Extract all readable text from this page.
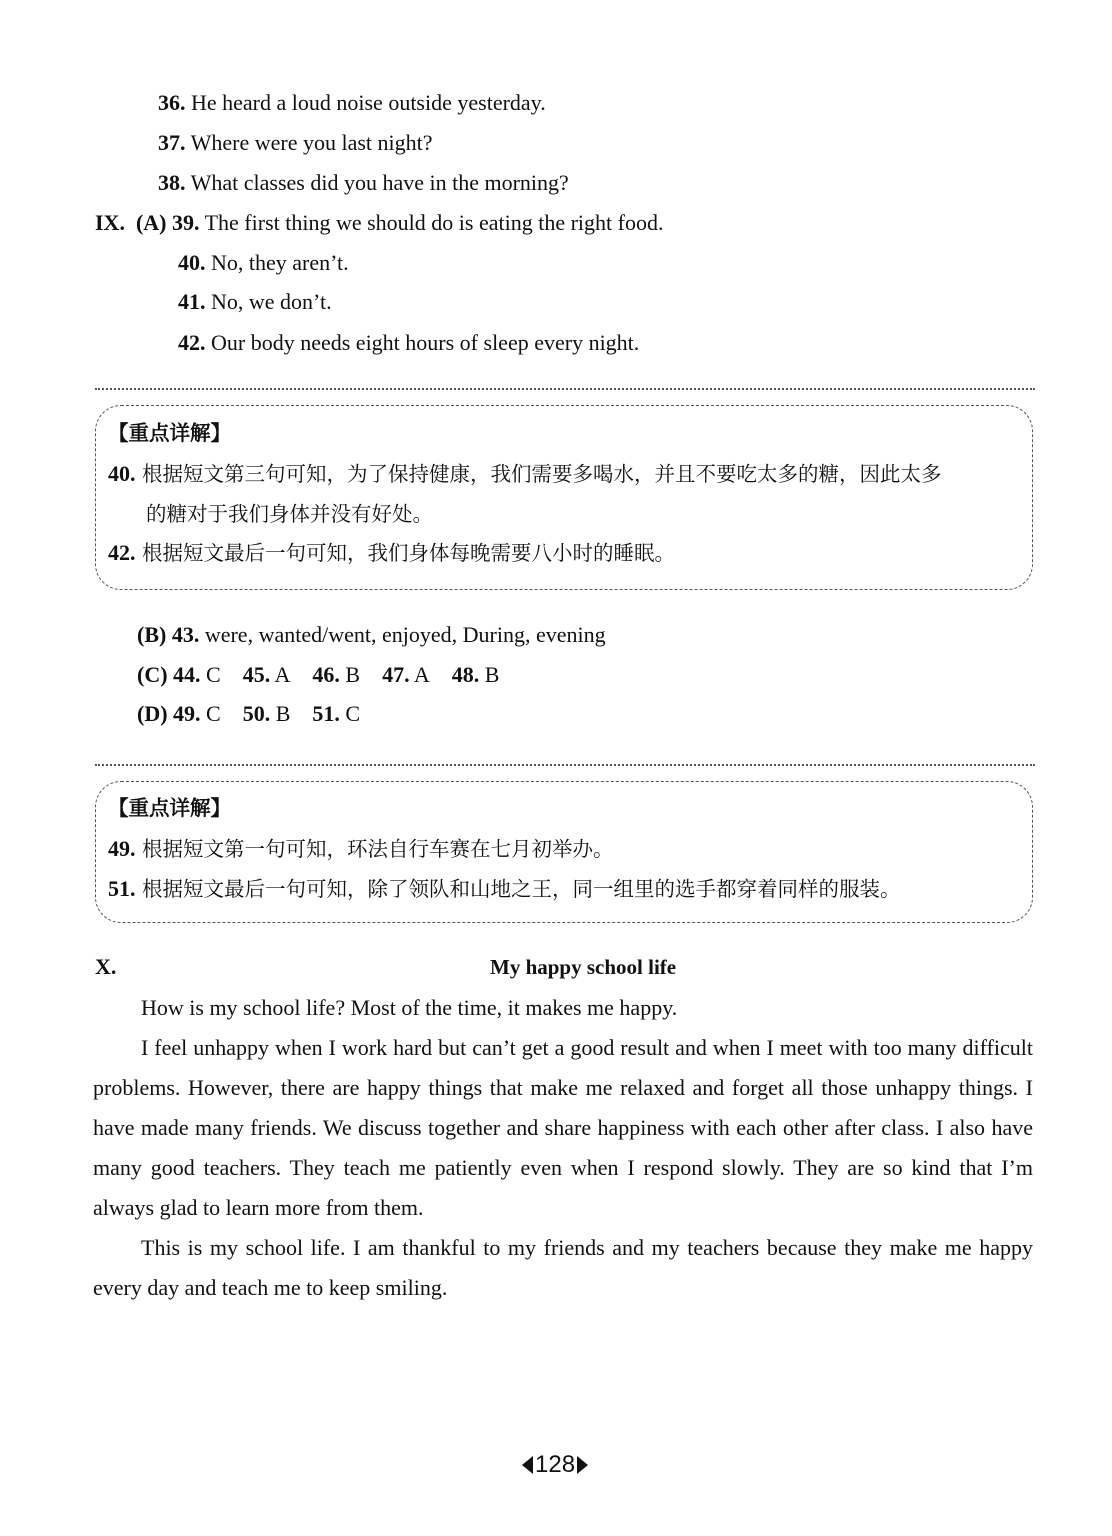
36. He heard a loud noise outside yesterday.
37. Where were you last night?
38. What classes did you have in the morning?
IX. (A) 39. The first thing we should do is eating the right food.
40. No, they aren’t.
41. No, we don’t.
42. Our body needs eight hours of sleep every night.
【重点详解】
40. 根据短文第三句可知，为了保持健康，我们需要多喝水，并且不要吃太多的糖，因此太多
的糖对于我们身体并没有好处。
42. 根据短文最后一句可知，我们身体每晚需要八小时的睡眠。
(B) 43. were, wanted/went, enjoyed, During, evening
(C) 44. C 45. A 46. B 47. A 48. B
(D) 49. C 50. B 51. C
【重点详解】
49. 根据短文第一句可知，环法自行车赛在七月初举办。
51. 根据短文最后一句可知，除了领队和山地之王，同一组里的选手都穿着同样的服装。
X.	My happy school life
How is my school life? Most of the time, it makes me happy.
I feel unhappy when I work hard but can’t get a good result and when I meet with too many difficult problems. However, there are happy things that make me relaxed and forget all those unhappy things. I have made many friends. We discuss together and share happiness with each other after class. I also have many good teachers. They teach me patiently even when I respond slowly. They are so kind that I’m always glad to learn more from them.
This is my school life. I am thankful to my friends and my teachers because they make me happy every day and teach me to keep smiling.
128
